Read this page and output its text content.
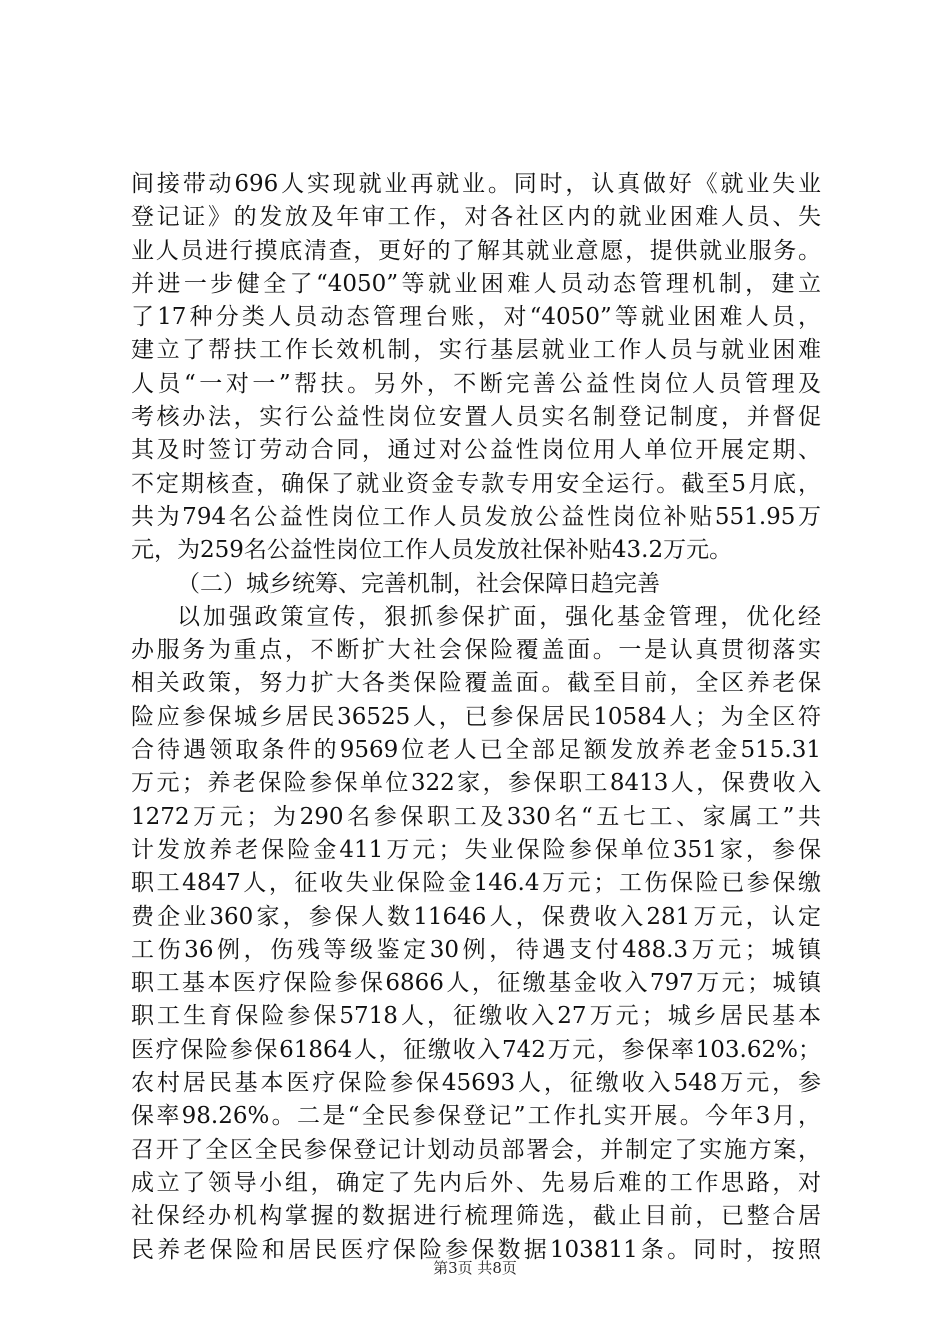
间接带动696人实现就业再就业。同时，认真做好《就业失业
登记证》的发放及年审工作，对各社区内的就业困难人员、失
业人员进行摸底清查，更好的了解其就业意愿，提供就业服务。
并进一步健全了“4050”等就业困难人员动态管理机制，建立
了17种分类人员动态管理台账，对“4050”等就业困难人员，
建立了帮扶工作长效机制，实行基层就业工作人员与就业困难
人员“一对一”帮扶。另外，不断完善公益性岗位人员管理及
考核办法，实行公益性岗位安置人员实名制登记制度，并督促
其及时签订劳动合同，通过对公益性岗位用人单位开展定期、
不定期核查，确保了就业资金专款专用安全运行。截至5月底，
共为794名公益性岗位工作人员发放公益性岗位补贴551.95万
元，为259名公益性岗位工作人员发放社保补贴43.2万元。
（二）城乡统筹、完善机制，社会保障日趋完善
以加强政策宣传，狠抓参保扩面，强化基金管理，优化经
办服务为重点，不断扩大社会保险覆盖面。一是认真贯彻落实
相关政策，努力扩大各类保险覆盖面。截至目前，全区养老保
险应参保城乡居民36525人，已参保居民10584人；为全区符
合待遇领取条件的9569位老人已全部足额发放养老金515.31
万元；养老保险参保单位322家，参保职工8413人，保费收入
1272万元；为290名参保职工及330名“五七工、家属工”共
计发放养老保险金411万元；失业保险参保单位351家，参保
职工4847人，征收失业保险金146.4万元；工伤保险已参保缴
费企业360家，参保人数11646人，保费收入281万元，认定
工伤36例，伤残等级鉴定30例，待遇支付488.3万元；城镇
职工基本医疗保险参保6866人，征缴基金收入797万元；城镇
职工生育保险参保5718人，征缴收入27万元；城乡居民基本
医疗保险参保61864人，征缴收入742万元，参保率103.62%；
农村居民基本医疗保险参保45693人，征缴收入548万元，参
保率98.26%。二是“全民参保登记”工作扎实开展。今年3月，
召开了全区全民参保登记计划动员部署会，并制定了实施方案，
成立了领导小组，确定了先内后外、先易后难的工作思路，对
社保经办机构掌握的数据进行梳理筛选，截止目前，已整合居
民养老保险和居民医疗保险参保数据103811条。同时，按照
第3页 共8页
